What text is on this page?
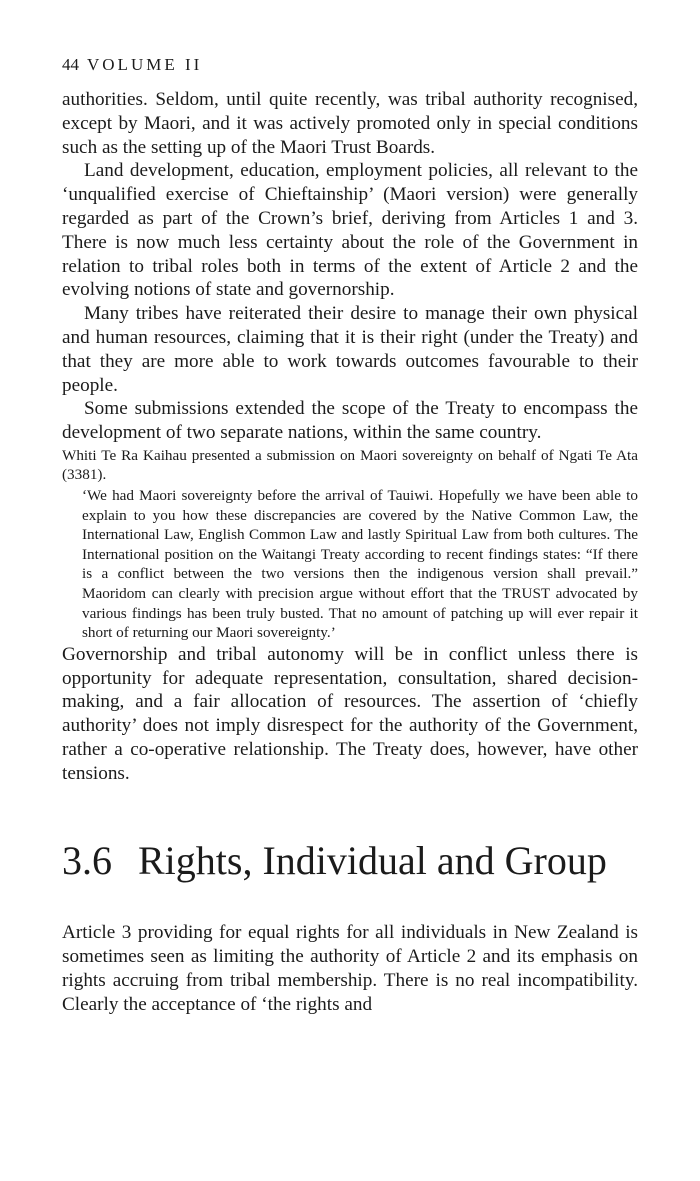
44 VOLUME II

authorities. Seldom, until quite recently, was tribal authority recognised, except by Maori, and it was actively promoted only in special conditions such as the setting up of the Maori Trust Boards.

Land development, education, employment policies, all relevant to the ‘unqualified exercise of Chieftainship’ (Maori version) were generally regarded as part of the Crown’s brief, deriving from Articles 1 and 3. There is now much less certainty about the role of the Government in relation to tribal roles both in terms of the extent of Article 2 and the evolving notions of state and governorship.

Many tribes have reiterated their desire to manage their own physical and human resources, claiming that it is their right (under the Treaty) and that they are more able to work towards outcomes favourable to their people.

Some submissions extended the scope of the Treaty to encompass the development of two separate nations, within the same country.

Whiti Te Ra Kaihau presented a submission on Maori sovereignty on behalf of Ngati Te Ata (3381).

‘We had Maori sovereignty before the arrival of Tauiwi. Hopefully we have been able to explain to you how these discrepancies are covered by the Native Common Law, the International Law, English Common Law and lastly Spiritual Law from both cultures. The International position on the Waitangi Treaty according to recent findings states: “If there is a conflict between the two versions then the indigenous version shall prevail.” Maoridom can clearly with precision argue without effort that the TRUST advocated by various findings has been truly busted. That no amount of patching up will ever repair it short of returning our Maori sovereignty.’

Governorship and tribal autonomy will be in conflict unless there is opportunity for adequate representation, consultation, shared decision-making, and a fair allocation of resources. The assertion of ‘chiefly authority’ does not imply disrespect for the authority of the Government, rather a co-operative relationship. The Treaty does, however, have other tensions.

3.6 Rights, Individual and Group

Article 3 providing for equal rights for all individuals in New Zealand is sometimes seen as limiting the authority of Article 2 and its emphasis on rights accruing from tribal membership. There is no real incompatibility. Clearly the acceptance of ‘the rights and
